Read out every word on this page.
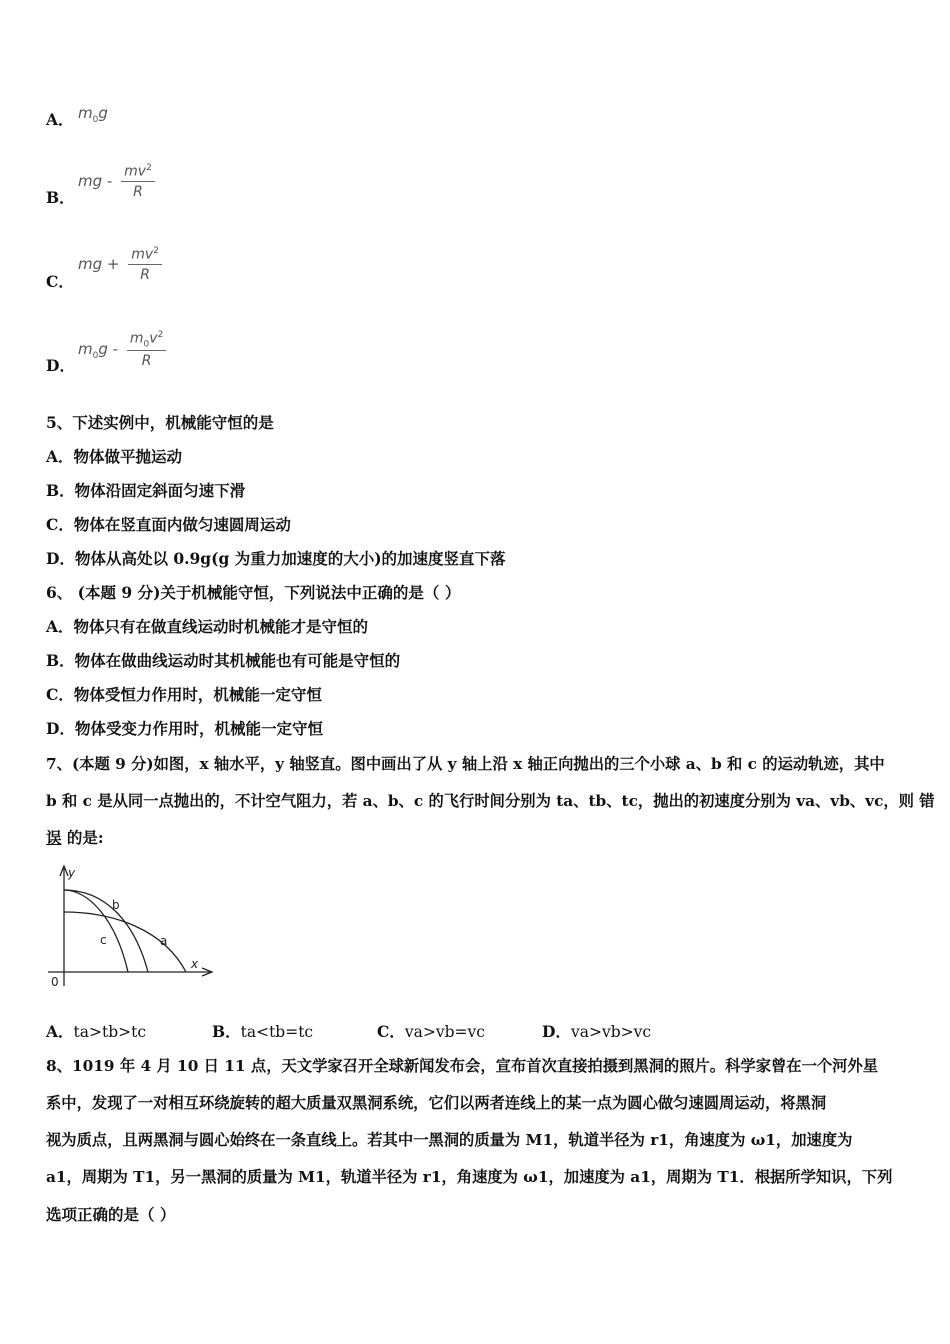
A． $m_0g$
B．
mg - $\frac{mv^2}{R}$
C．
mg + $\frac{mv^2}{R}$
D．
$m_0g - \frac{m_0v^2}{R}$
5、下述实例中，机械能守恒的是
A．物体做平抛运动
B．物体沿固定斜面匀速下滑
C．物体在竖直面内做匀速圆周运动
D．物体从高处以 0.9g(g 为重力加速度的大小)的加速度竖直下落
6、 (本题 9 分)关于机械能守恒，下列说法中正确的是（ ）
A．物体只有在做直线运动时机械能才是守恒的
B．物体在做曲线运动时其机械能也有可能是守恒的
C．物体受恒力作用时，机械能一定守恒
D．物体受变力作用时，机械能一定守恒
7、(本题 9 分)如图，x 轴水平，y 轴竖直。图中画出了从 y 轴上沿 x 轴正向抛出的三个小球 a、b 和 c 的运动轨迹，其中
b 和 c 是从同一点抛出的，不计空气阻力，若 a、b、c 的飞行时间分别为 ta、tb、tc，抛出的初速度分别为 va、vb、vc，则 错
误 的是:
y
x
0
b
c	a
A．ta>tb>tc	B．ta<tb=tc	C．va>vb=vc	D．va>vb>vc
8、1019 年 4 月 10 日 11 点，天文学家召开全球新闻发布会，宣布首次直接拍摄到黑洞的照片。科学家曾在一个河外星
系中，发现了一对相互环绕旋转的超大质量双黑洞系统，它们以两者连线上的某一点为圆心做匀速圆周运动，将黑洞
视为质点，且两黑洞与圆心始终在一条直线上。若其中一黑洞的质量为 M1，轨道半径为 r1，角速度为 ω1，加速度为
a1，周期为 T1，另一黑洞的质量为 M1，轨道半径为 r1，角速度为 ω1，加速度为 a1，周期为 T1．根据所学知识，下列
选项正确的是（ ）
